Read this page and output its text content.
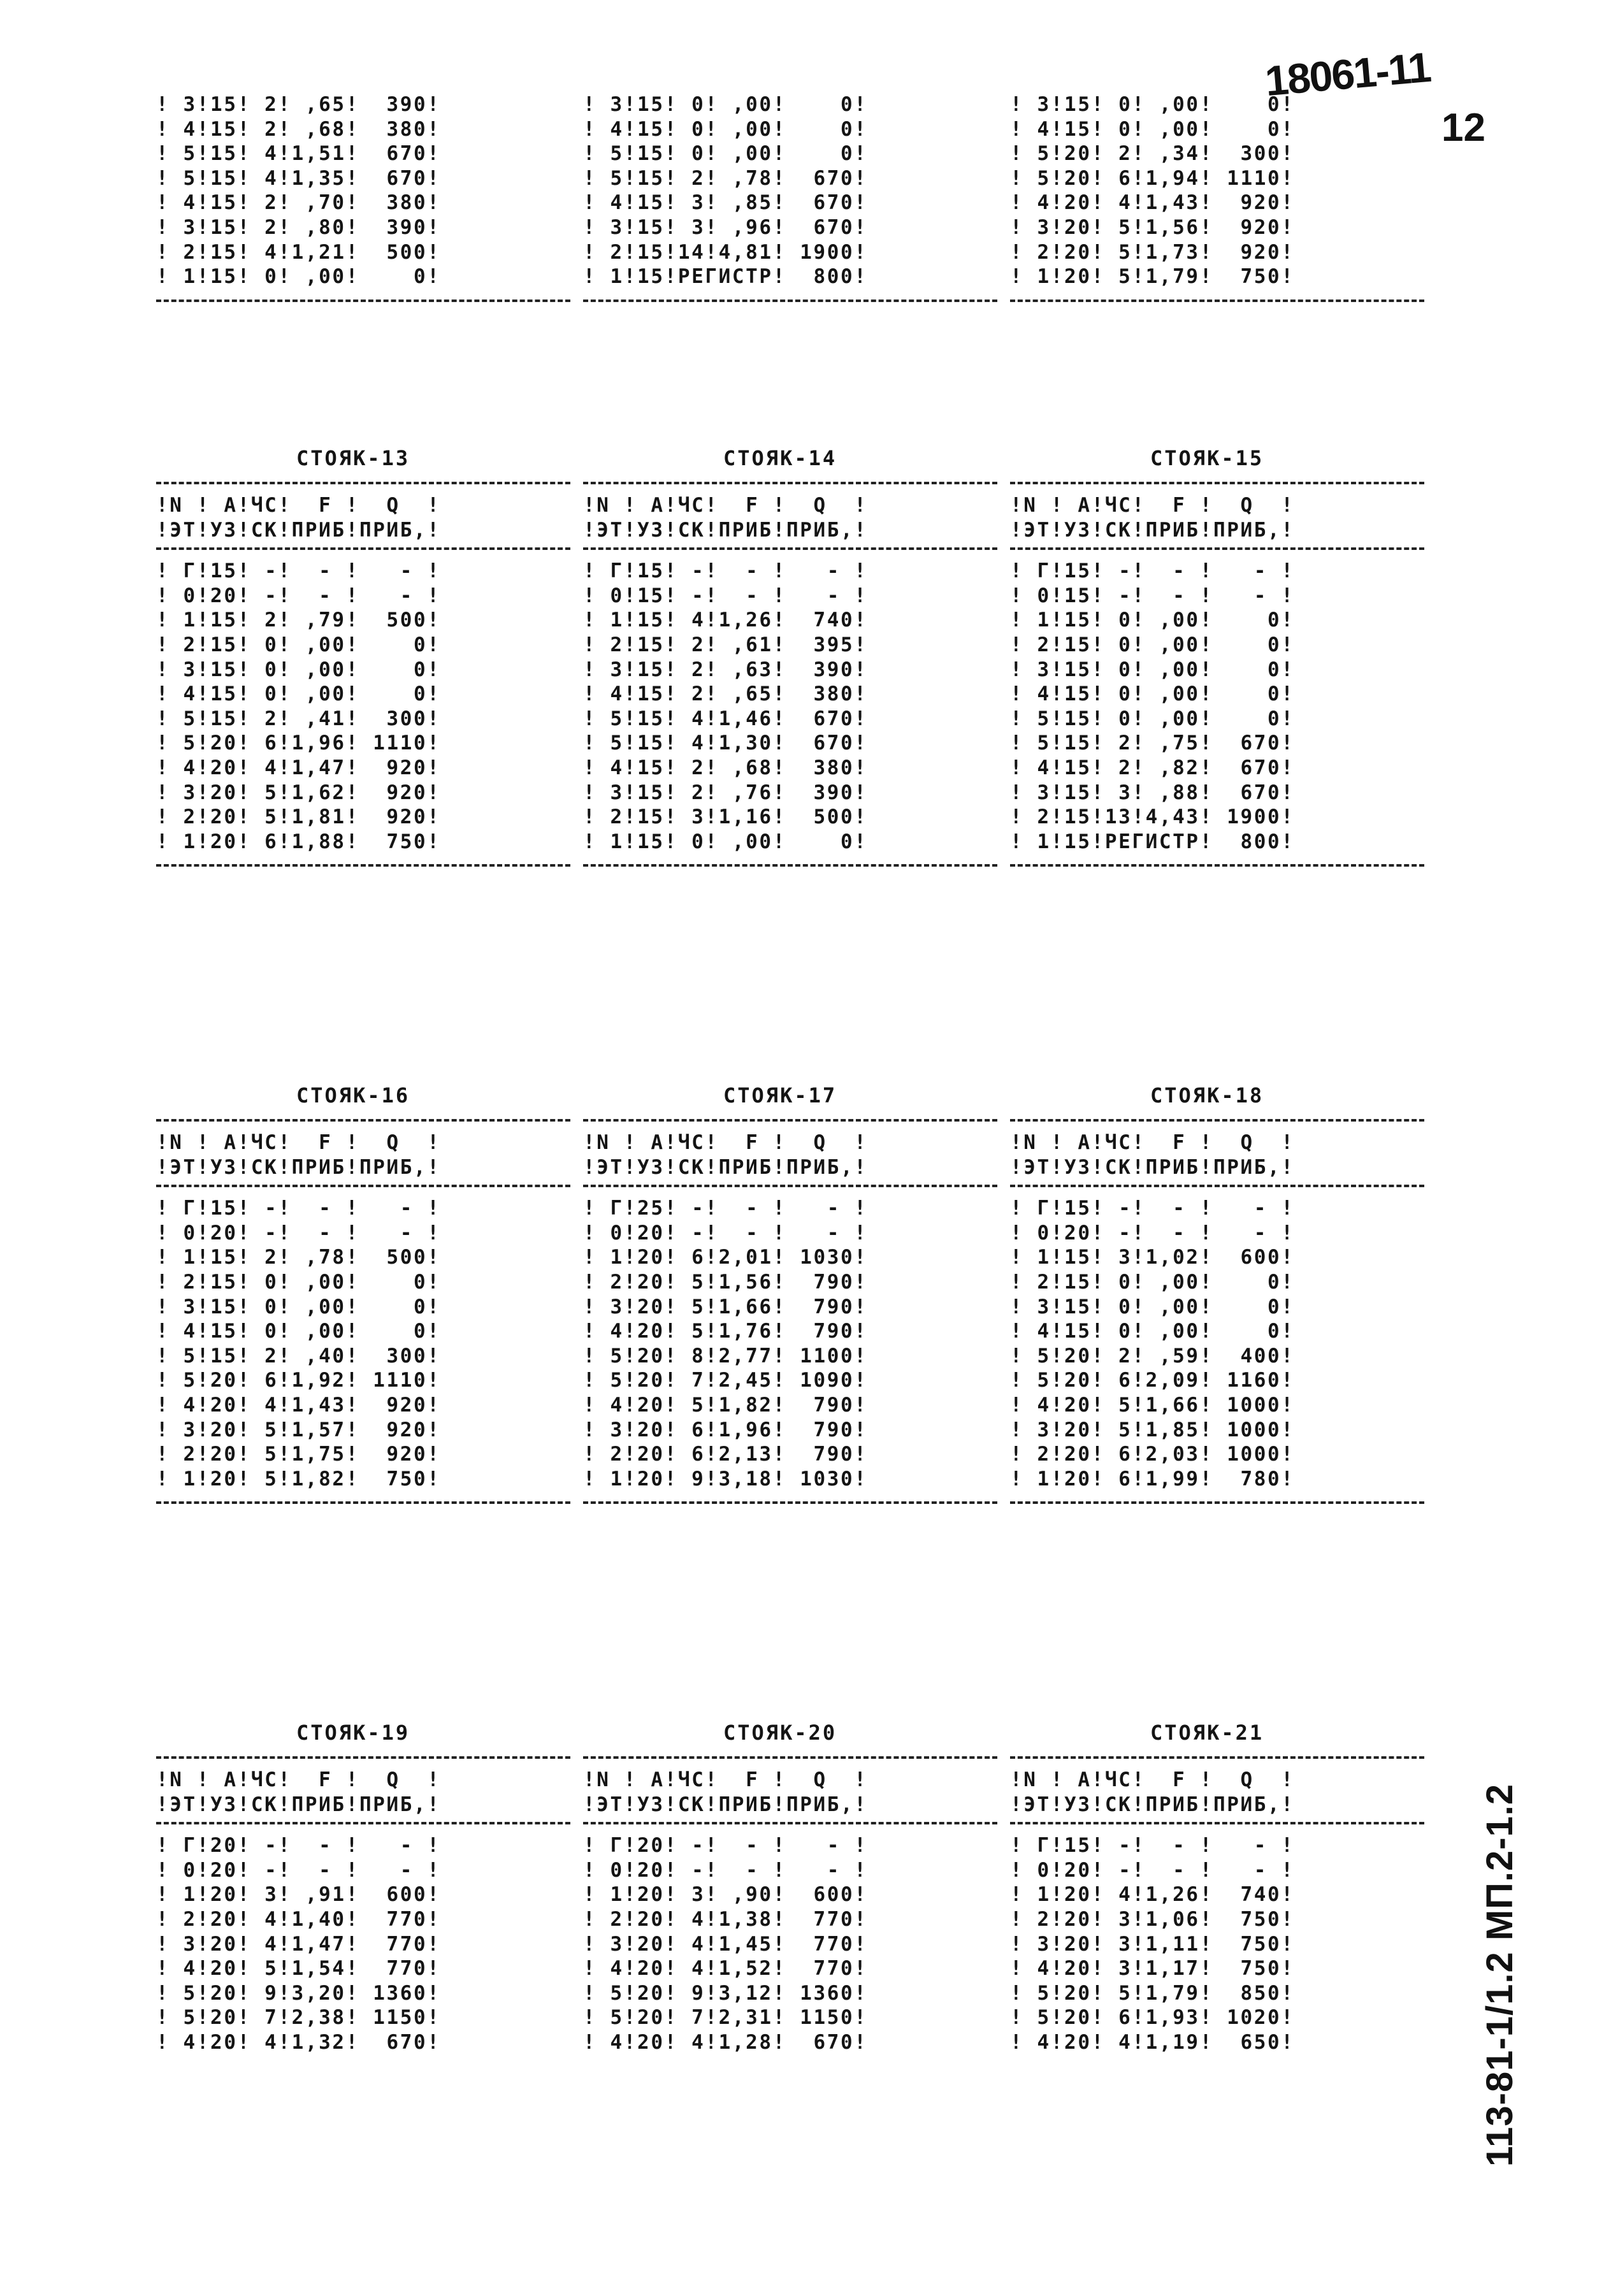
18061-11
12
113-81-1/1.2 МП.2-1.2
! 3!15! 2! ,65!  390!
! 4!15! 2! ,68!  380!
! 5!15! 4!1,51!  670!
! 5!15! 4!1,35!  670!
! 4!15! 2! ,70!  380!
! 3!15! 2! ,80!  390!
! 2!15! 4!1,21!  500!
! 1!15! 0! ,00!    0!
! 3!15! 0! ,00!    0!
! 4!15! 0! ,00!    0!
! 5!15! 0! ,00!    0!
! 5!15! 2! ,78!  670!
! 4!15! 3! ,85!  670!
! 3!15! 3! ,96!  670!
! 2!15!14!4,81! 1900!
! 1!15!РЕГИСТР!  800!
! 3!15! 0! ,00!    0!
! 4!15! 0! ,00!    0!
! 5!20! 2! ,34!  300!
! 5!20! 6!1,94! 1110!
! 4!20! 4!1,43!  920!
! 3!20! 5!1,56!  920!
! 2!20! 5!1,73!  920!
! 1!20! 5!1,79!  750!
СТОЯК-13
!N ! A!ЧС!  F !  Q  !
!ЭТ!УЗ!СК!ПРИБ!ПРИБ,!
! Г!15! -!  - !   - !
! 0!20! -!  - !   - !
! 1!15! 2! ,79!  500!
! 2!15! 0! ,00!    0!
! 3!15! 0! ,00!    0!
! 4!15! 0! ,00!    0!
! 5!15! 2! ,41!  300!
! 5!20! 6!1,96! 1110!
! 4!20! 4!1,47!  920!
! 3!20! 5!1,62!  920!
! 2!20! 5!1,81!  920!
! 1!20! 6!1,88!  750!
СТОЯК-14
!N ! A!ЧС!  F !  Q  !
!ЭТ!УЗ!СК!ПРИБ!ПРИБ,!
! Г!15! -!  - !   - !
! 0!15! -!  - !   - !
! 1!15! 4!1,26!  740!
! 2!15! 2! ,61!  395!
! 3!15! 2! ,63!  390!
! 4!15! 2! ,65!  380!
! 5!15! 4!1,46!  670!
! 5!15! 4!1,30!  670!
! 4!15! 2! ,68!  380!
! 3!15! 2! ,76!  390!
! 2!15! 3!1,16!  500!
! 1!15! 0! ,00!    0!
СТОЯК-15
!N ! A!ЧС!  F !  Q  !
!ЭТ!УЗ!СК!ПРИБ!ПРИБ,!
! Г!15! -!  - !   - !
! 0!15! -!  - !   - !
! 1!15! 0! ,00!    0!
! 2!15! 0! ,00!    0!
! 3!15! 0! ,00!    0!
! 4!15! 0! ,00!    0!
! 5!15! 0! ,00!    0!
! 5!15! 2! ,75!  670!
! 4!15! 2! ,82!  670!
! 3!15! 3! ,88!  670!
! 2!15!13!4,43! 1900!
! 1!15!РЕГИСТР!  800!
СТОЯК-16
!N ! A!ЧС!  F !  Q  !
!ЭТ!УЗ!СК!ПРИБ!ПРИБ,!
! Г!15! -!  - !   - !
! 0!20! -!  - !   - !
! 1!15! 2! ,78!  500!
! 2!15! 0! ,00!    0!
! 3!15! 0! ,00!    0!
! 4!15! 0! ,00!    0!
! 5!15! 2! ,40!  300!
! 5!20! 6!1,92! 1110!
! 4!20! 4!1,43!  920!
! 3!20! 5!1,57!  920!
! 2!20! 5!1,75!  920!
! 1!20! 5!1,82!  750!
СТОЯК-17
!N ! A!ЧС!  F !  Q  !
!ЭТ!УЗ!СК!ПРИБ!ПРИБ,!
! Г!25! -!  - !   - !
! 0!20! -!  - !   - !
! 1!20! 6!2,01! 1030!
! 2!20! 5!1,56!  790!
! 3!20! 5!1,66!  790!
! 4!20! 5!1,76!  790!
! 5!20! 8!2,77! 1100!
! 5!20! 7!2,45! 1090!
! 4!20! 5!1,82!  790!
! 3!20! 6!1,96!  790!
! 2!20! 6!2,13!  790!
! 1!20! 9!3,18! 1030!
СТОЯК-18
!N ! A!ЧС!  F !  Q  !
!ЭТ!УЗ!СК!ПРИБ!ПРИБ,!
! Г!15! -!  - !   - !
! 0!20! -!  - !   - !
! 1!15! 3!1,02!  600!
! 2!15! 0! ,00!    0!
! 3!15! 0! ,00!    0!
! 4!15! 0! ,00!    0!
! 5!20! 2! ,59!  400!
! 5!20! 6!2,09! 1160!
! 4!20! 5!1,66! 1000!
! 3!20! 5!1,85! 1000!
! 2!20! 6!2,03! 1000!
! 1!20! 6!1,99!  780!
СТОЯК-19
!N ! A!ЧС!  F !  Q  !
!ЭТ!УЗ!СК!ПРИБ!ПРИБ,!
! Г!20! -!  - !   - !
! 0!20! -!  - !   - !
! 1!20! 3! ,91!  600!
! 2!20! 4!1,40!  770!
! 3!20! 4!1,47!  770!
! 4!20! 5!1,54!  770!
! 5!20! 9!3,20! 1360!
! 5!20! 7!2,38! 1150!
! 4!20! 4!1,32!  670!
СТОЯК-20
!N ! A!ЧС!  F !  Q  !
!ЭТ!УЗ!СК!ПРИБ!ПРИБ,!
! Г!20! -!  - !   - !
! 0!20! -!  - !   - !
! 1!20! 3! ,90!  600!
! 2!20! 4!1,38!  770!
! 3!20! 4!1,45!  770!
! 4!20! 4!1,52!  770!
! 5!20! 9!3,12! 1360!
! 5!20! 7!2,31! 1150!
! 4!20! 4!1,28!  670!
СТОЯК-21
!N ! A!ЧС!  F !  Q  !
!ЭТ!УЗ!СК!ПРИБ!ПРИБ,!
! Г!15! -!  - !   - !
! 0!20! -!  - !   - !
! 1!20! 4!1,26!  740!
! 2!20! 3!1,06!  750!
! 3!20! 3!1,11!  750!
! 4!20! 3!1,17!  750!
! 5!20! 5!1,79!  850!
! 5!20! 6!1,93! 1020!
! 4!20! 4!1,19!  650!
